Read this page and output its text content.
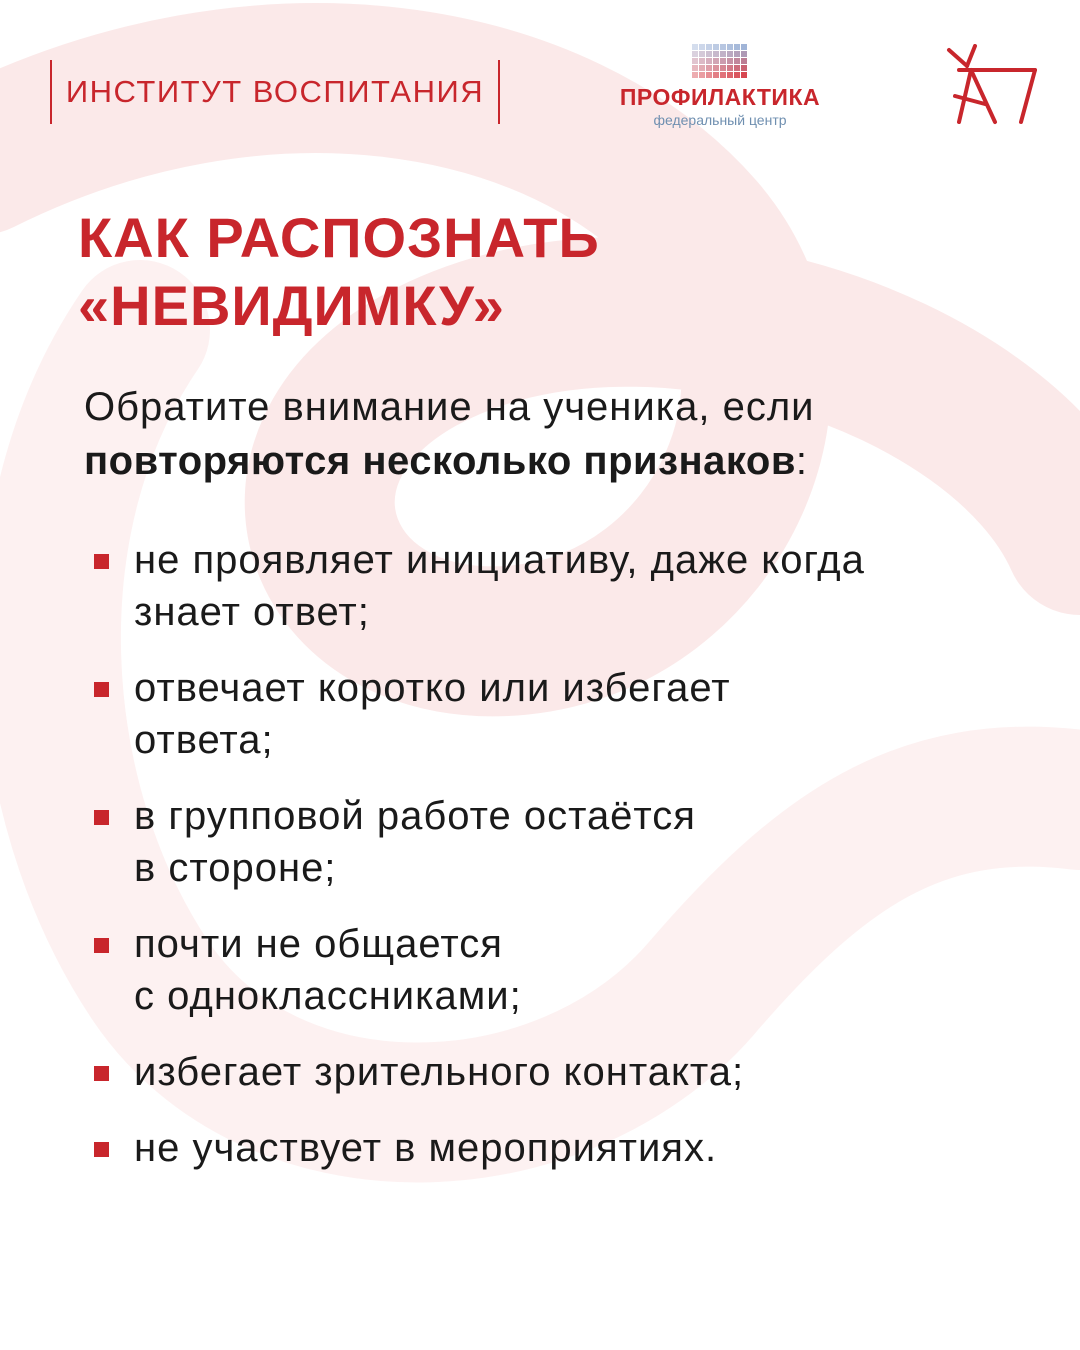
ИНСТИТУТ ВОСПИТАНИЯ	ПРОФИЛАКТИКА
федеральный центр
КАК РАСПОЗНАТЬ
«НЕВИДИМКУ»

Обратите внимание на ученика, если
повторяются несколько признаков:

не проявляет инициативу, даже когда
знает ответ;
отвечает коротко или избегает
ответа;
в групповой работе остаётся
в стороне;
почти не общается
с одноклассниками;
избегает зрительного контакта;
не участвует в мероприятиях.
